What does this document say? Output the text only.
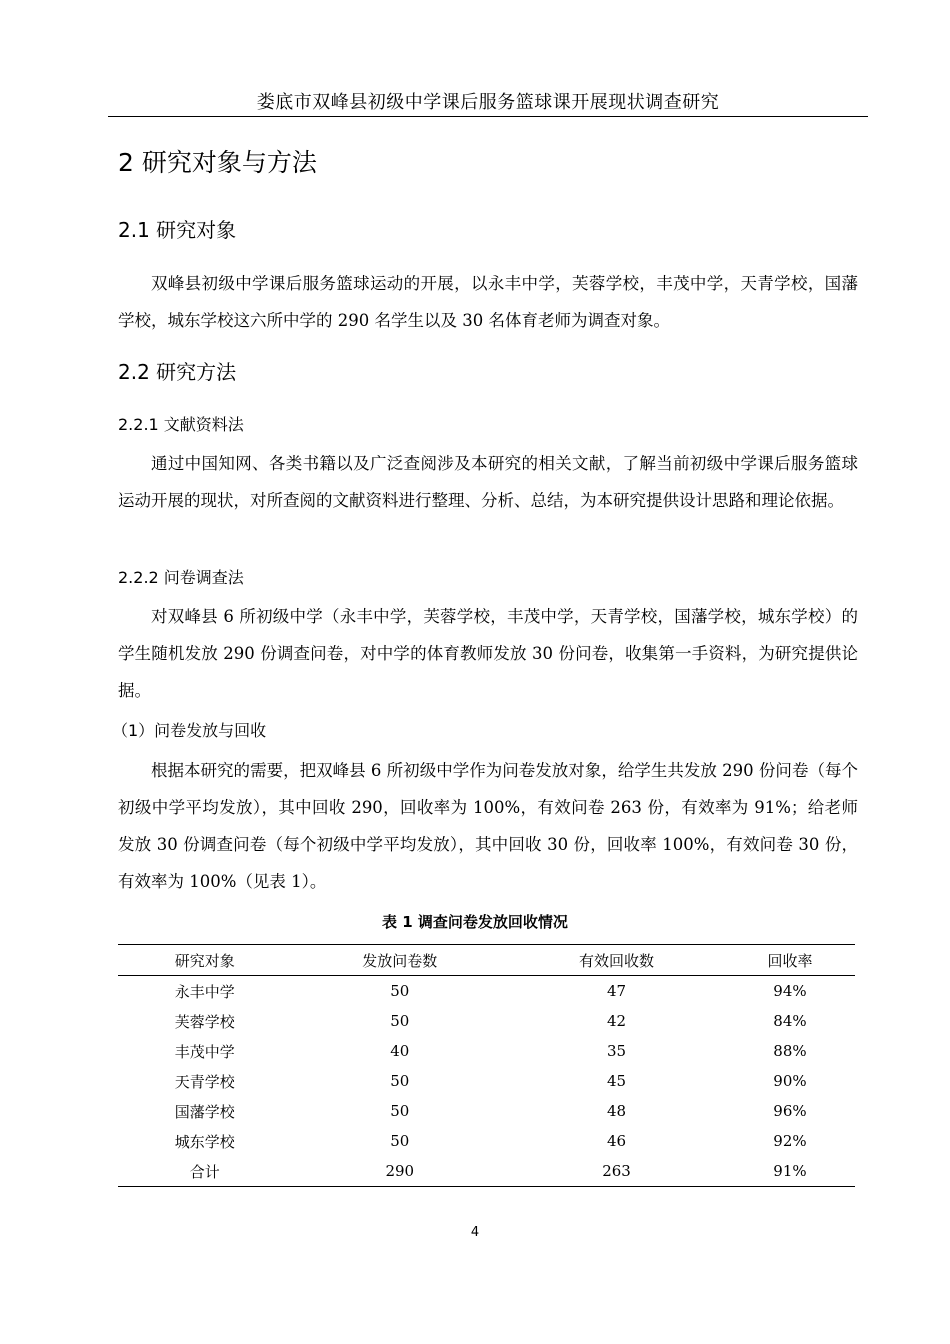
娄底市双峰县初级中学课后服务篮球课开展现状调查研究
2 研究对象与方法
2.1 研究对象

双峰县初级中学课后服务篮球运动的开展，以永丰中学，芙蓉学校，丰茂中学，天青学校，国藩学校，城东学校这六所中学的 290 名学生以及 30 名体育老师为调查对象。

2.2 研究方法
2.2.1 文献资料法

通过中国知网、各类书籍以及广泛查阅涉及本研究的相关文献，了解当前初级中学课后服务篮球运动开展的现状，对所查阅的文献资料进行整理、分析、总结，为本研究提供设计思路和理论依据。

2.2.2 问卷调查法

对双峰县 6 所初级中学（永丰中学，芙蓉学校，丰茂中学，天青学校，国藩学校，城东学校）的学生随机发放 290 份调查问卷，对中学的体育教师发放 30 份问卷，收集第一手资料，为研究提供论据。

（1）问卷发放与回收

根据本研究的需要，把双峰县 6 所初级中学作为问卷发放对象，给学生共发放 290 份问卷（每个初级中学平均发放），其中回收 290，回收率为 100%，有效问卷 263 份，有效率为 91%；给老师发放 30 份调查问卷（每个初级中学平均发放），其中回收 30 份，回收率 100%，有效问卷 30 份，有效率为 100%（见表 1）。

表 1 调查问卷发放回收情况
研究对象	发放问卷数	有效回收数	回收率
永丰中学	50	47	94%
芙蓉学校	50	42	84%
丰茂中学	40	35	88%
天青学校	50	45	90%
国藩学校	50	48	96%
城东学校	50	46	92%
合计	290	263	91%
4
